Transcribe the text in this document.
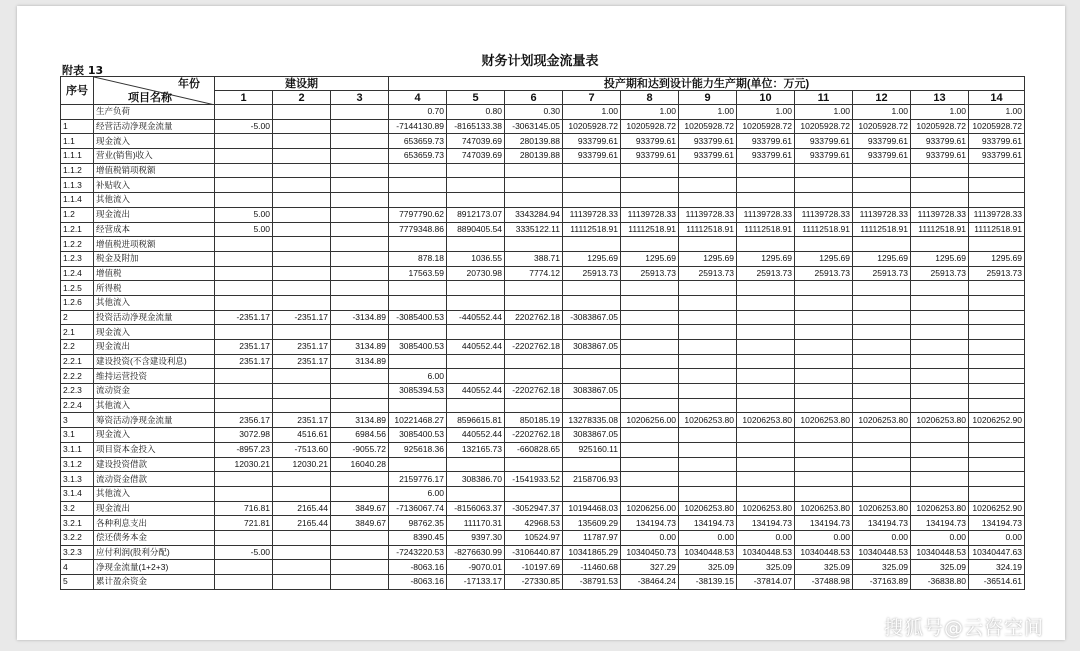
财务计划现金流量表
附表 13
序号	年份
项目名称	建设期			投产期和达到设计能力生产期(单位：万元)										
		1	2	3	4	5	6	7	8	9	10	11	12	13	14
	生产负荷				0.70	0.80	0.30	1.00	1.00	1.00	1.00	1.00	1.00	1.00	1.00
1	经营活动净现金流量	-5.00			-7144130.89	-8165133.38	-3063145.05	10205928.72	10205928.72	10205928.72	10205928.72	10205928.72	10205928.72	10205928.72	10205928.72
1.1	现金流入				653659.73	747039.69	280139.88	933799.61	933799.61	933799.61	933799.61	933799.61	933799.61	933799.61	933799.61
1.1.1	营业(销售)收入				653659.73	747039.69	280139.88	933799.61	933799.61	933799.61	933799.61	933799.61	933799.61	933799.61	933799.61
1.1.2	增值税销项税额														
1.1.3	补贴收入														
1.1.4	其他流入														
1.2	现金流出	5.00			7797790.62	8912173.07	3343284.94	11139728.33	11139728.33	11139728.33	11139728.33	11139728.33	11139728.33	11139728.33	11139728.33
1.2.1	经营成本	5.00			7779348.86	8890405.54	3335122.11	11112518.91	11112518.91	11112518.91	11112518.91	11112518.91	11112518.91	11112518.91	11112518.91
1.2.2	增值税进项税额														
1.2.3	税金及附加				878.18	1036.55	388.71	1295.69	1295.69	1295.69	1295.69	1295.69	1295.69	1295.69	1295.69
1.2.4	增值税				17563.59	20730.98	7774.12	25913.73	25913.73	25913.73	25913.73	25913.73	25913.73	25913.73	25913.73
1.2.5	所得税														
1.2.6	其他流入														
2	投资活动净现金流量	-2351.17	-2351.17	-3134.89	-3085400.53	-440552.44	2202762.18	-3083867.05							
2.1	现金流入														
2.2	现金流出	2351.17	2351.17	3134.89	3085400.53	440552.44	-2202762.18	3083867.05							
2.2.1	建设投资(不含建设利息)	2351.17	2351.17	3134.89											
2.2.2	维持运营投资				6.00										
2.2.3	流动资金				3085394.53	440552.44	-2202762.18	3083867.05							
2.2.4	其他流入														
3	筹资活动净现金流量	2356.17	2351.17	3134.89	10221468.27	8596615.81	850185.19	13278335.08	10206256.00	10206253.80	10206253.80	10206253.80	10206253.80	10206253.80	10206252.90
3.1	现金流入	3072.98	4516.61	6984.56	3085400.53	440552.44	-2202762.18	3083867.05							
3.1.1	项目资本金投入	-8957.23	-7513.60	-9055.72	925618.36	132165.73	-660828.65	925160.11							
3.1.2	建设投资借款	12030.21	12030.21	16040.28											
3.1.3	流动资金借款				2159776.17	308386.70	-1541933.52	2158706.93							
3.1.4	其他流入				6.00										
3.2	现金流出	716.81	2165.44	3849.67	-7136067.74	-8156063.37	-3052947.37	10194468.03	10206256.00	10206253.80	10206253.80	10206253.80	10206253.80	10206253.80	10206252.90
3.2.1	各种利息支出	721.81	2165.44	3849.67	98762.35	111170.31	42968.53	135609.29	134194.73	134194.73	134194.73	134194.73	134194.73	134194.73	134194.73
3.2.2	偿还债务本金				8390.45	9397.30	10524.97	11787.97	0.00	0.00	0.00	0.00	0.00	0.00	0.00
3.2.3	应付利润(股利分配)	-5.00			-7243220.53	-8276630.99	-3106440.87	10341865.29	10340450.73	10340448.53	10340448.53	10340448.53	10340448.53	10340448.53	10340447.63
4	净现金流量(1+2+3)				-8063.16	-9070.01	-10197.69	-11460.68	327.29	325.09	325.09	325.09	325.09	325.09	324.19
5	累计盈余资金				-8063.16	-17133.17	-27330.85	-38791.53	-38464.24	-38139.15	-37814.07	-37488.98	-37163.89	-36838.80	-36514.61
搜狐号@云咨空间
